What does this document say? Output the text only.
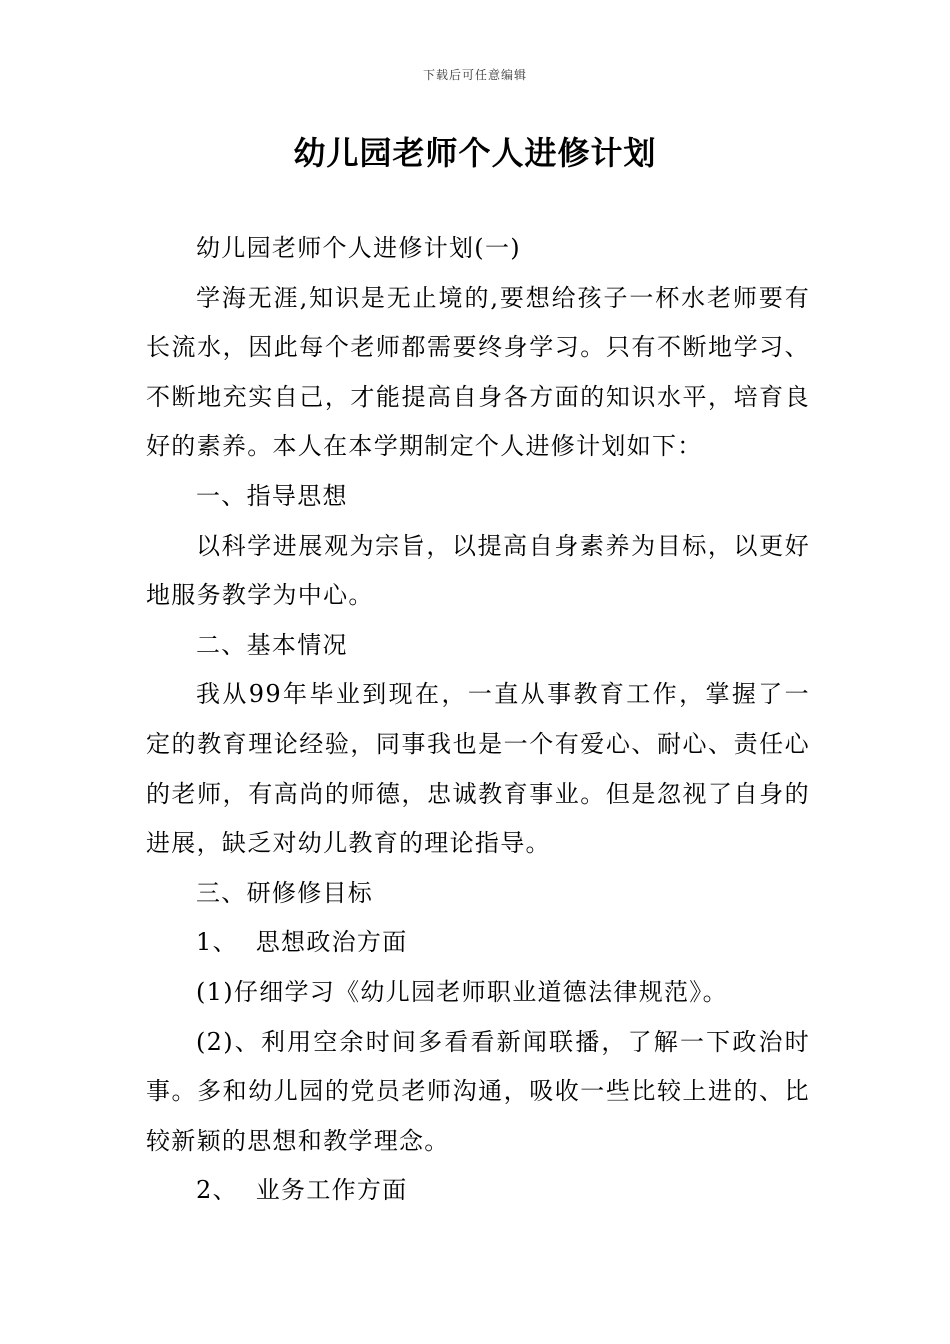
下载后可任意编辑
幼儿园老师个人进修计划

幼儿园老师个人进修计划(一)

学海无涯,知识是无止境的,要想给孩子一杯水老师要有长流水，因此每个老师都需要终身学习。只有不断地学习、不断地充实自己，才能提高自身各方面的知识水平，培育良好的素养。本人在本学期制定个人进修计划如下：

一、指导思想

以科学进展观为宗旨，以提高自身素养为目标，以更好地服务教学为中心。

二、基本情况

我从99年毕业到现在，一直从事教育工作，掌握了一定的教育理论经验，同事我也是一个有爱心、耐心、责任心的老师，有高尚的师德，忠诚教育事业。但是忽视了自身的进展，缺乏对幼儿教育的理论指导。

三、研修修目标

1、  思想政治方面

(1)仔细学习《幼儿园老师职业道德法律规范》。

(2)、利用空余时间多看看新闻联播，了解一下政治时事。多和幼儿园的党员老师沟通，吸收一些比较上进的、比较新颖的思想和教学理念。

2、  业务工作方面
